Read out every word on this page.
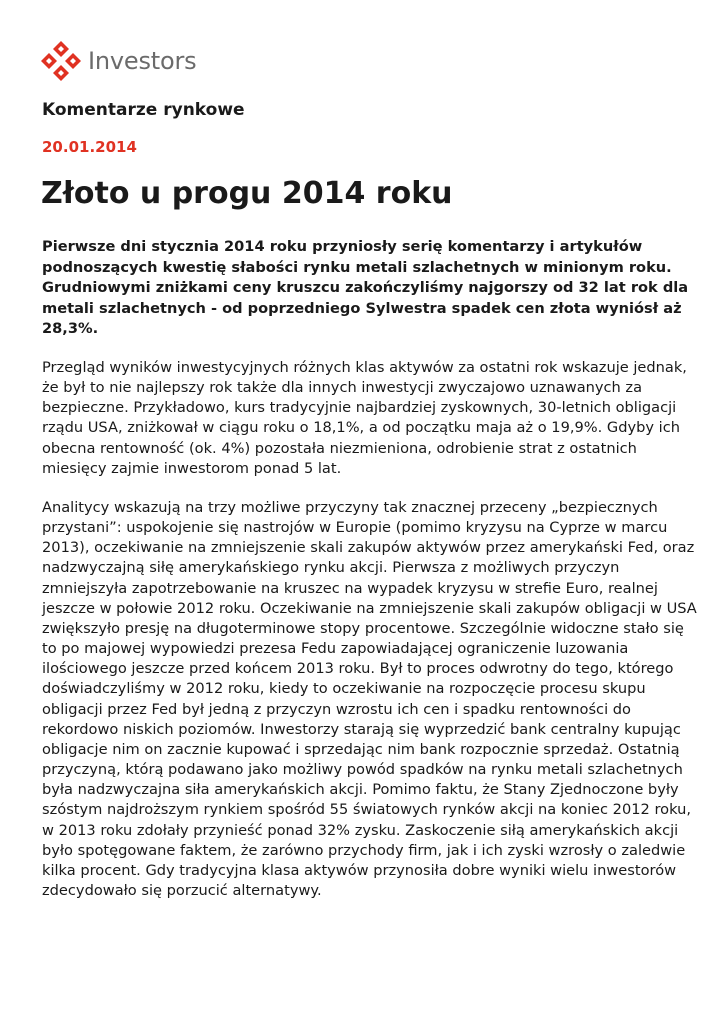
Investors
Komentarze rynkowe
20.01.2014
Złoto u progu 2014 roku

Pierwsze dni stycznia 2014 roku przyniosły serię komentarzy i artykułów podnoszących kwestię słabości rynku metali szlachetnych w minionym roku. Grudniowymi zniżkami ceny kruszcu zakończyliśmy najgorszy od 32 lat rok dla metali szlachetnych - od poprzedniego Sylwestra spadek cen złota wyniósł aż 28,3%.

Przegląd wyników inwestycyjnych różnych klas aktywów za ostatni rok wskazuje jednak, że był to nie najlepszy rok także dla innych inwestycji zwyczajowo uznawanych za bezpieczne. Przykładowo, kurs tradycyjnie najbardziej zyskownych, 30-letnich obligacji rządu USA, zniżkował w ciągu roku o 18,1%, a od początku maja aż o 19,9%. Gdyby ich obecna rentowność (ok. 4%) pozostała niezmieniona, odrobienie strat z ostatnich miesięcy zajmie inwestorom ponad 5 lat.

Analitycy wskazują na trzy możliwe przyczyny tak znacznej przeceny „bezpiecznych przystani”: uspokojenie się nastrojów w Europie (pomimo kryzysu na Cyprze w marcu 2013), oczekiwanie na zmniejszenie skali zakupów aktywów przez amerykański Fed, oraz nadzwyczajną siłę amerykańskiego rynku akcji. Pierwsza z możliwych przyczyn zmniejszyła zapotrzebowanie na kruszec na wypadek kryzysu w strefie Euro, realnej jeszcze w połowie 2012 roku. Oczekiwanie na zmniejszenie skali zakupów obligacji w USA zwiększyło presję na długoterminowe stopy procentowe. Szczególnie widoczne stało się to po majowej wypowiedzi prezesa Fedu zapowiadającej ograniczenie luzowania ilościowego jeszcze przed końcem 2013 roku. Był to proces odwrotny do tego, którego doświadczyliśmy w 2012 roku, kiedy to oczekiwanie na rozpoczęcie procesu skupu obligacji przez Fed był jedną z przyczyn wzrostu ich cen i spadku rentowności do rekordowo niskich poziomów. Inwestorzy starają się wyprzedzić bank centralny kupując obligacje nim on zacznie kupować i sprzedając nim bank rozpocznie sprzedaż. Ostatnią przyczyną, którą podawano jako możliwy powód spadków na rynku metali szlachetnych była nadzwyczajna siła amerykańskich akcji. Pomimo faktu, że Stany Zjednoczone były szóstym najdroższym rynkiem spośród 55 światowych rynków akcji na koniec 2012 roku, w 2013 roku zdołały przynieść ponad 32% zysku. Zaskoczenie siłą amerykańskich akcji było spotęgowane faktem, że zarówno przychody firm, jak i ich zyski wzrosły o zaledwie kilka procent. Gdy tradycyjna klasa aktywów przynosiła dobre wyniki wielu inwestorów zdecydowało się porzucić alternatywy.
